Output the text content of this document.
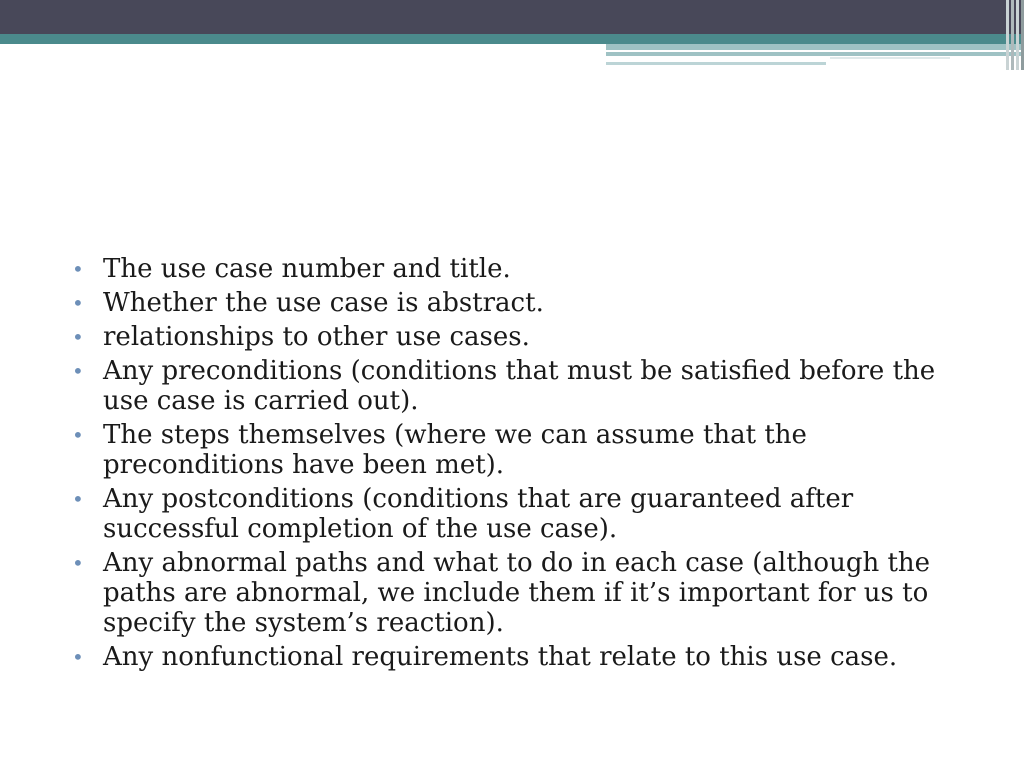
• The use case number and title.
• Whether the use case is abstract.
• relationships to other use cases.
• Any preconditions (conditions that must be satisfied before the use case is carried out).
• The steps themselves (where we can assume that the preconditions have been met).
• Any postconditions (conditions that are guaranteed after successful completion of the use case).
• Any abnormal paths and what to do in each case (although the paths are abnormal, we include them if it’s important for us to specify the system’s reaction).
• Any nonfunctional requirements that relate to this use case.
